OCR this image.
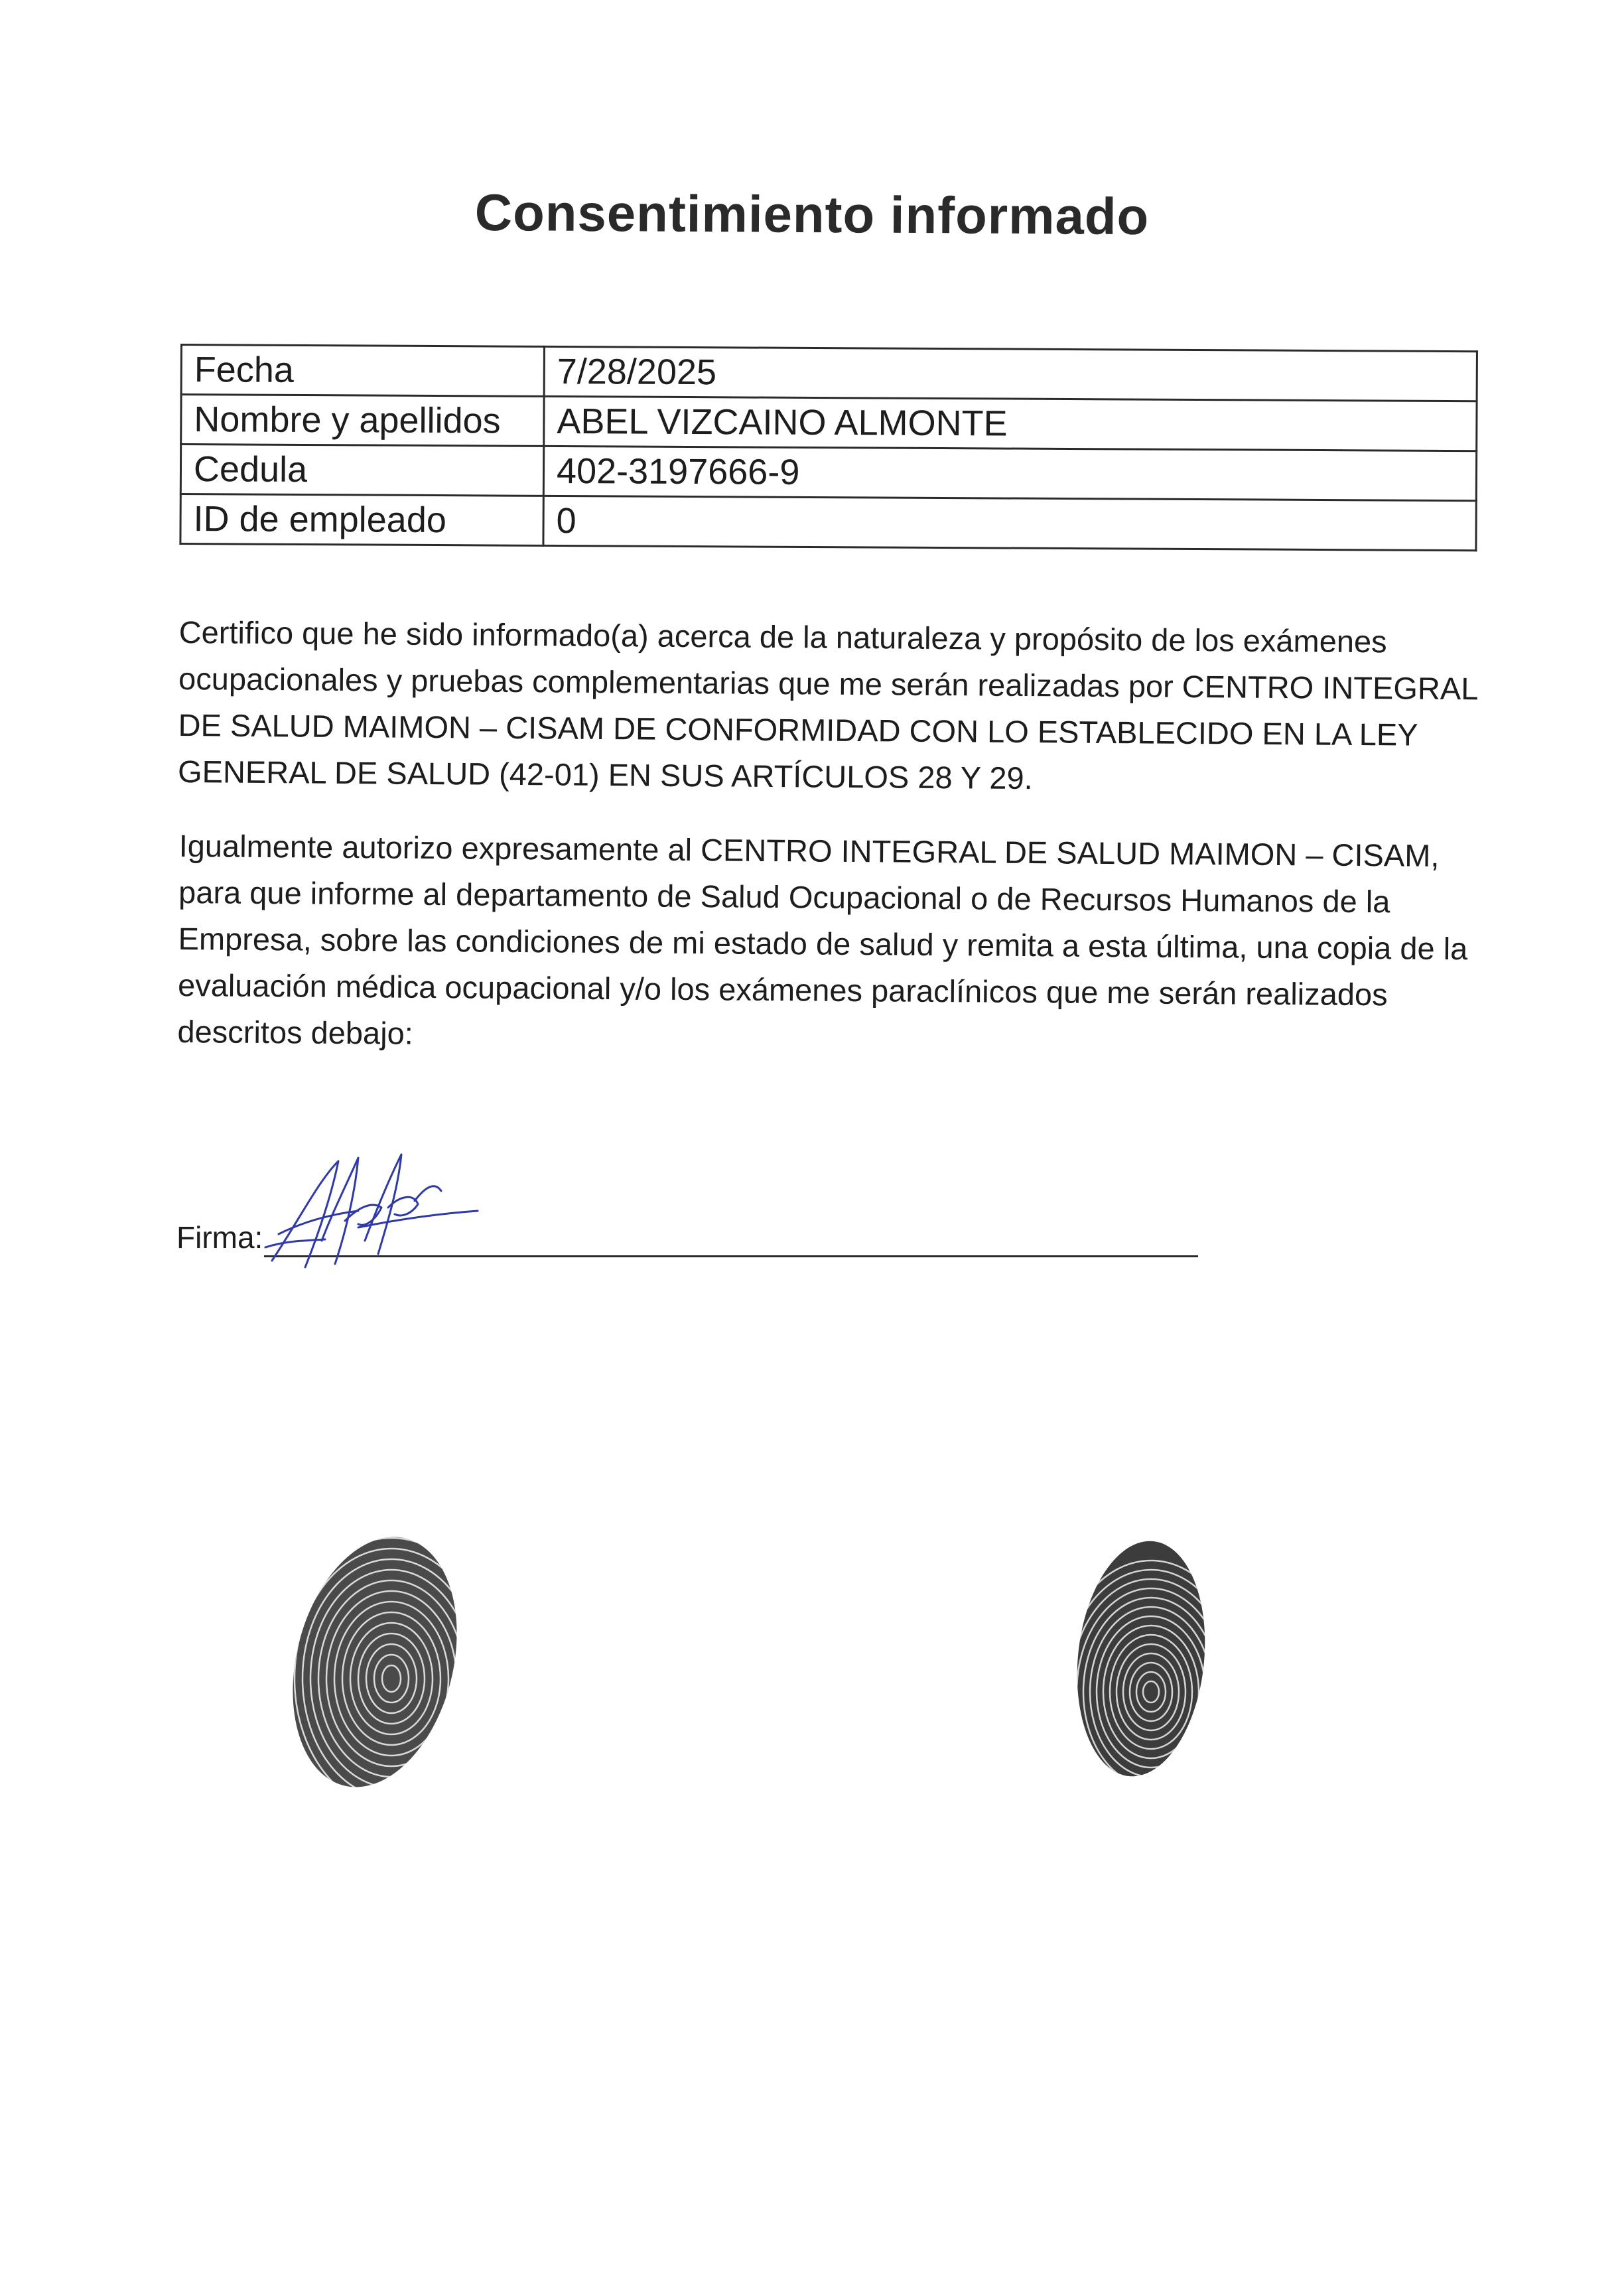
Consentimiento informado
Fecha	7/28/2025
Nombre y apellidos	ABEL VIZCAINO ALMONTE
Cedula	402-3197666-9
ID de empleado	0

Certifico que he sido informado(a) acerca de la naturaleza y propósito de los exámenes ocupacionales y pruebas complementarias que me serán realizadas por CENTRO INTEGRAL DE SALUD MAIMON – CISAM DE CONFORMIDAD CON LO ESTABLECIDO EN LA LEY GENERAL DE SALUD (42-01) EN SUS ARTÍCULOS 28 Y 29.

Igualmente autorizo expresamente al CENTRO INTEGRAL DE SALUD MAIMON – CISAM, para que informe al departamento de Salud Ocupacional o de Recursos Humanos de la Empresa, sobre las condiciones de mi estado de salud y remita a esta última, una copia de la evaluación médica ocupacional y/o los exámenes paraclínicos que me serán realizados descritos debajo:

Firma:
